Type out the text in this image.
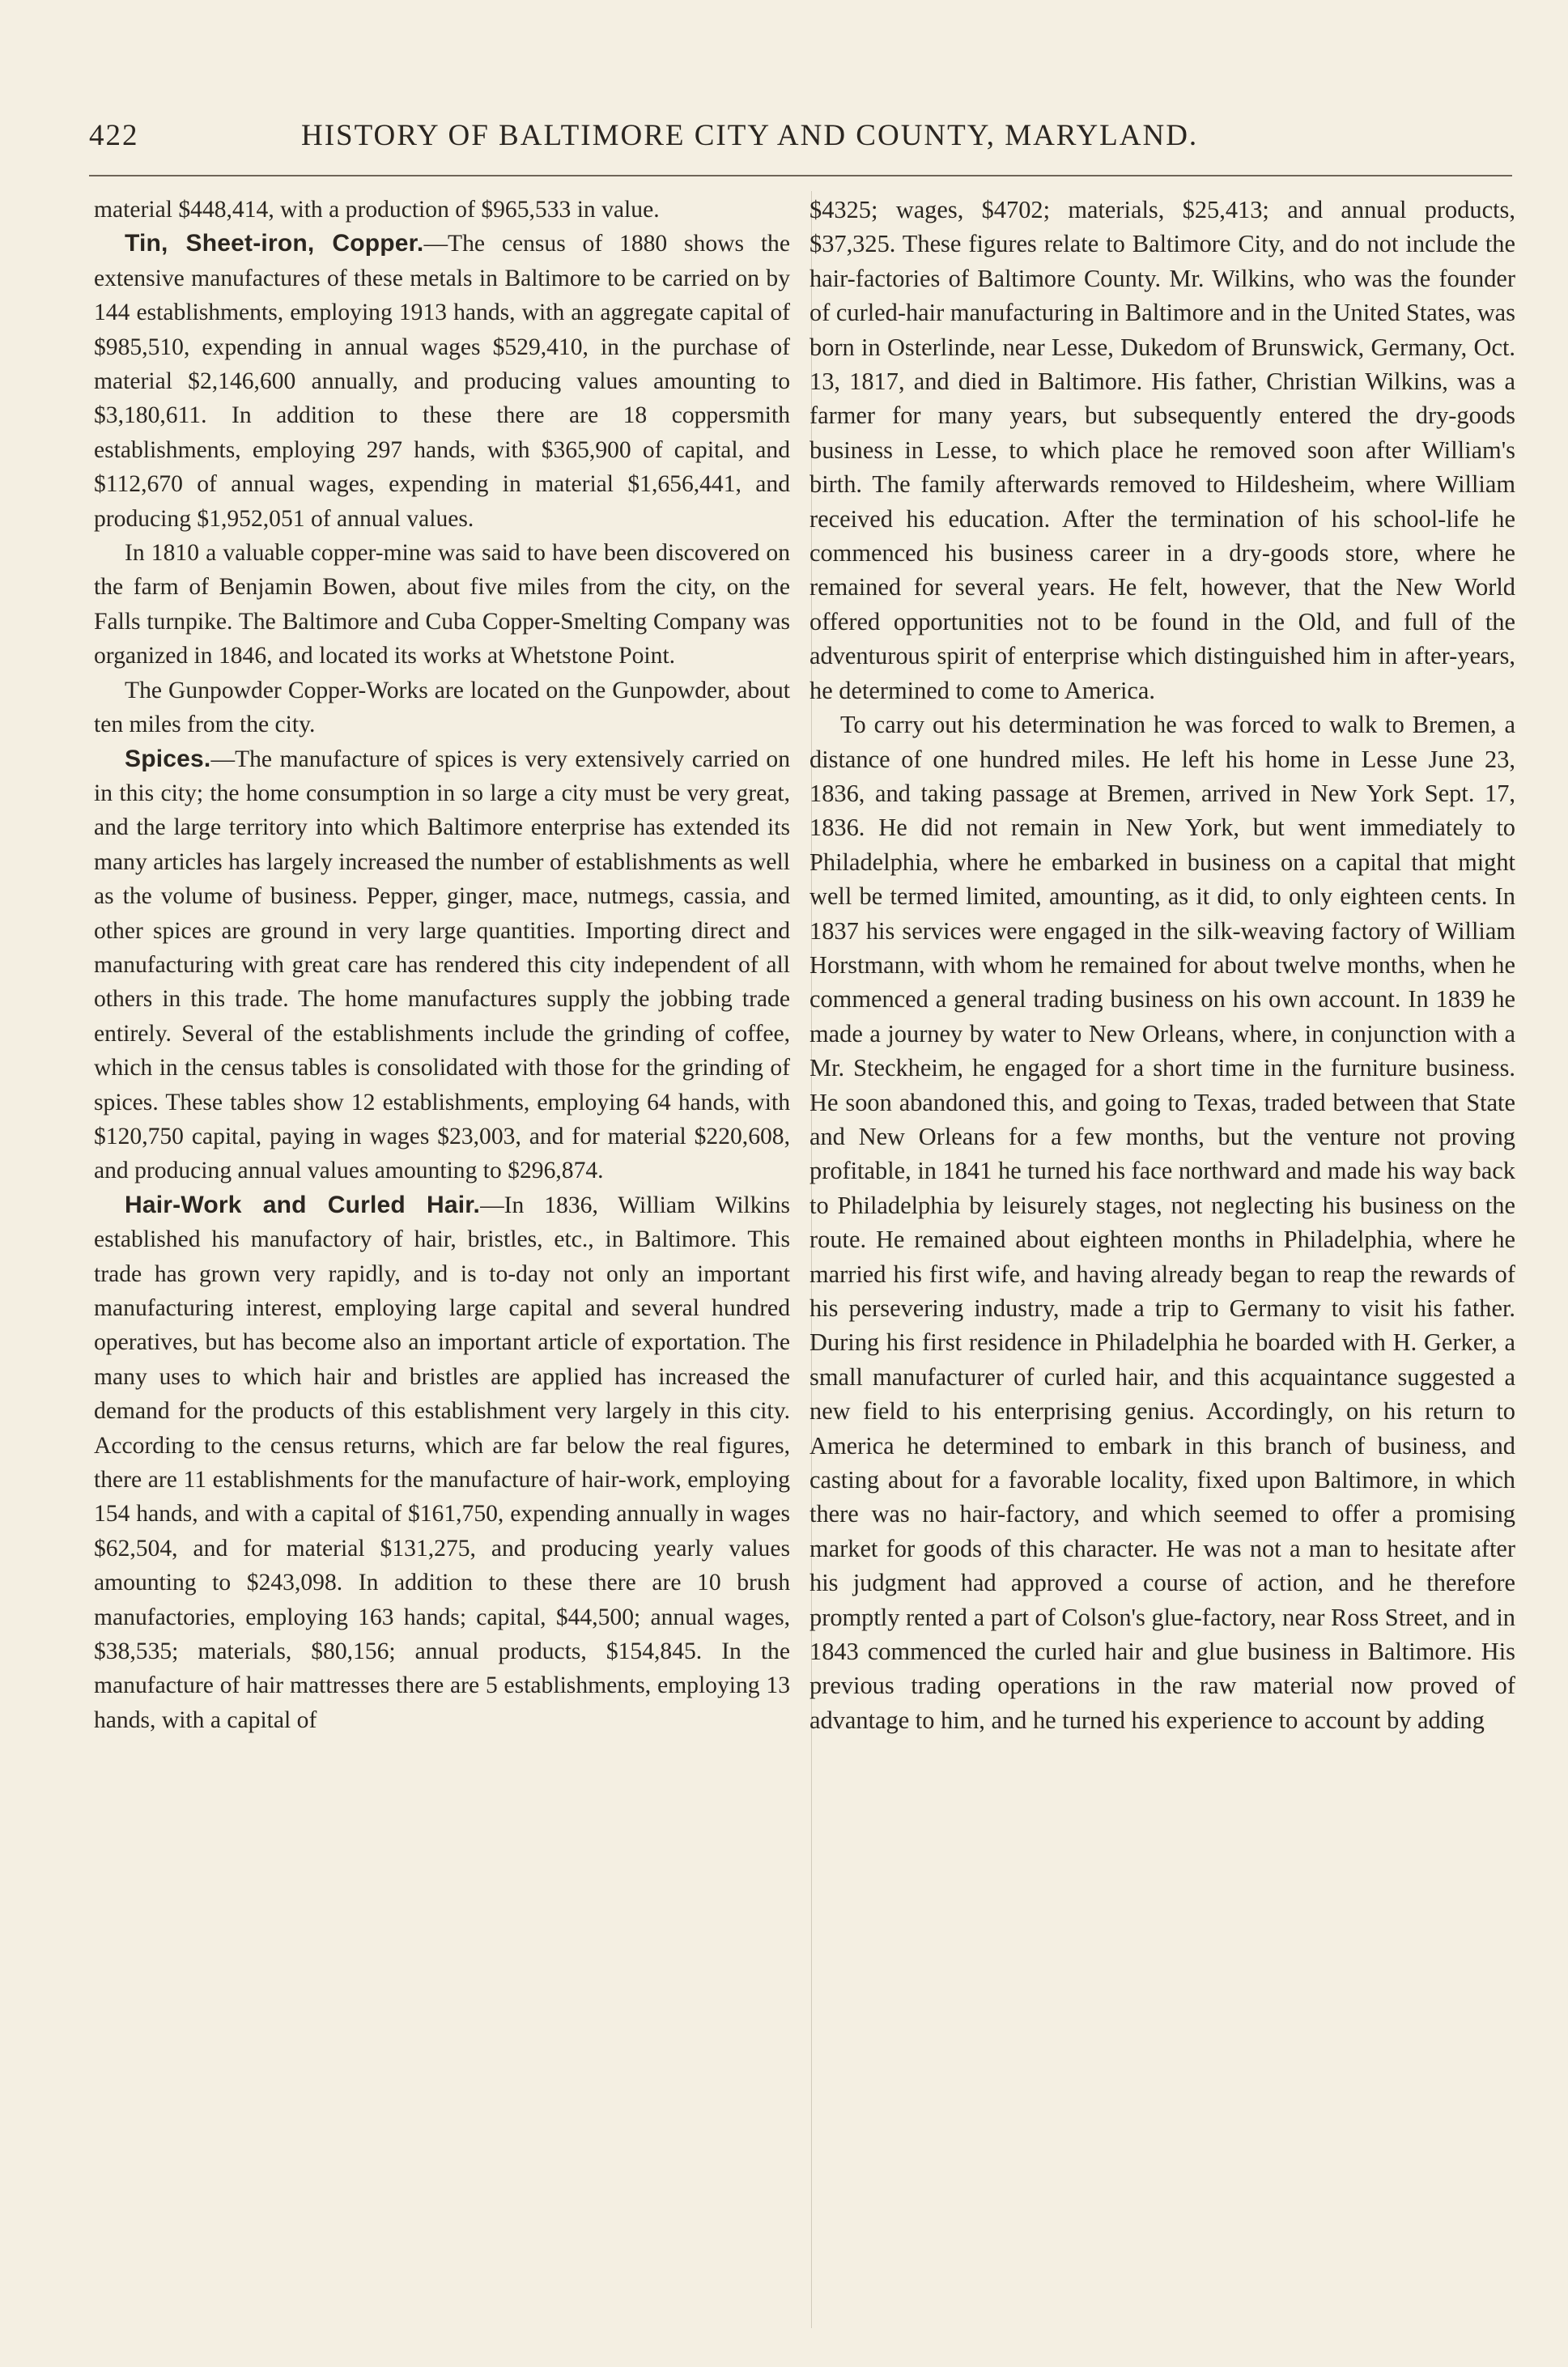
422	HISTORY OF BALTIMORE CITY AND COUNTY, MARYLAND.

material $448,414, with a production of $965,533 in value.

Tin, Sheet-iron, Copper.—The census of 1880 shows the extensive manufactures of these metals in Baltimore to be carried on by 144 establishments, employing 1913 hands, with an aggregate capital of $985,510, expending in annual wages $529,410, in the purchase of material $2,146,600 annually, and producing values amounting to $3,180,611. In addition to these there are 18 coppersmith establishments, employing 297 hands, with $365,900 of capital, and $112,670 of annual wages, expending in material $1,656,441, and producing $1,952,051 of annual values.

In 1810 a valuable copper-mine was said to have been discovered on the farm of Benjamin Bowen, about five miles from the city, on the Falls turnpike. The Baltimore and Cuba Copper-Smelting Company was organized in 1846, and located its works at Whetstone Point.

The Gunpowder Copper-Works are located on the Gunpowder, about ten miles from the city.

Spices.—The manufacture of spices is very extensively carried on in this city; the home consumption in so large a city must be very great, and the large territory into which Baltimore enterprise has extended its many articles has largely increased the number of establishments as well as the volume of business. Pepper, ginger, mace, nutmegs, cassia, and other spices are ground in very large quantities. Importing direct and manufacturing with great care has rendered this city independent of all others in this trade. The home manufactures supply the jobbing trade entirely. Several of the establishments include the grinding of coffee, which in the census tables is consolidated with those for the grinding of spices. These tables show 12 establishments, employing 64 hands, with $120,750 capital, paying in wages $23,003, and for material $220,608, and producing annual values amounting to $296,874.

Hair-Work and Curled Hair.—In 1836, William Wilkins established his manufactory of hair, bristles, etc., in Baltimore. This trade has grown very rapidly, and is to-day not only an important manufacturing interest, employing large capital and several hundred operatives, but has become also an important article of exportation. The many uses to which hair and bristles are applied has increased the demand for the products of this establishment very largely in this city. According to the census returns, which are far below the real figures, there are 11 establishments for the manufacture of hair-work, employing 154 hands, and with a capital of $161,750, expending annually in wages $62,504, and for material $131,275, and producing yearly values amounting to $243,098. In addition to these there are 10 brush manufactories, employing 163 hands; capital, $44,500; annual wages, $38,535; materials, $80,156; annual products, $154,845. In the manufacture of hair mattresses there are 5 establishments, employing 13 hands, with a capital of

$4325; wages, $4702; materials, $25,413; and annual products, $37,325. These figures relate to Baltimore City, and do not include the hair-factories of Baltimore County. Mr. Wilkins, who was the founder of curled-hair manufacturing in Baltimore and in the United States, was born in Osterlinde, near Lesse, Dukedom of Brunswick, Germany, Oct. 13, 1817, and died in Baltimore. His father, Christian Wilkins, was a farmer for many years, but subsequently entered the dry-goods business in Lesse, to which place he removed soon after William's birth. The family afterwards removed to Hildesheim, where William received his education. After the termination of his school-life he commenced his business career in a dry-goods store, where he remained for several years. He felt, however, that the New World offered opportunities not to be found in the Old, and full of the adventurous spirit of enterprise which distinguished him in after-years, he determined to come to America.

To carry out his determination he was forced to walk to Bremen, a distance of one hundred miles. He left his home in Lesse June 23, 1836, and taking passage at Bremen, arrived in New York Sept. 17, 1836. He did not remain in New York, but went immediately to Philadelphia, where he embarked in business on a capital that might well be termed limited, amounting, as it did, to only eighteen cents. In 1837 his services were engaged in the silk-weaving factory of William Horstmann, with whom he remained for about twelve months, when he commenced a general trading business on his own account. In 1839 he made a journey by water to New Orleans, where, in conjunction with a Mr. Steckheim, he engaged for a short time in the furniture business. He soon abandoned this, and going to Texas, traded between that State and New Orleans for a few months, but the venture not proving profitable, in 1841 he turned his face northward and made his way back to Philadelphia by leisurely stages, not neglecting his business on the route. He remained about eighteen months in Philadelphia, where he married his first wife, and having already began to reap the rewards of his persevering industry, made a trip to Germany to visit his father. During his first residence in Philadelphia he boarded with H. Gerker, a small manufacturer of curled hair, and this acquaintance suggested a new field to his enterprising genius. Accordingly, on his return to America he determined to embark in this branch of business, and casting about for a favorable locality, fixed upon Baltimore, in which there was no hair-factory, and which seemed to offer a promising market for goods of this character. He was not a man to hesitate after his judgment had approved a course of action, and he therefore promptly rented a part of Colson's glue-factory, near Ross Street, and in 1843 commenced the curled hair and glue business in Baltimore. His previous trading operations in the raw material now proved of advantage to him, and he turned his experience to account by adding
